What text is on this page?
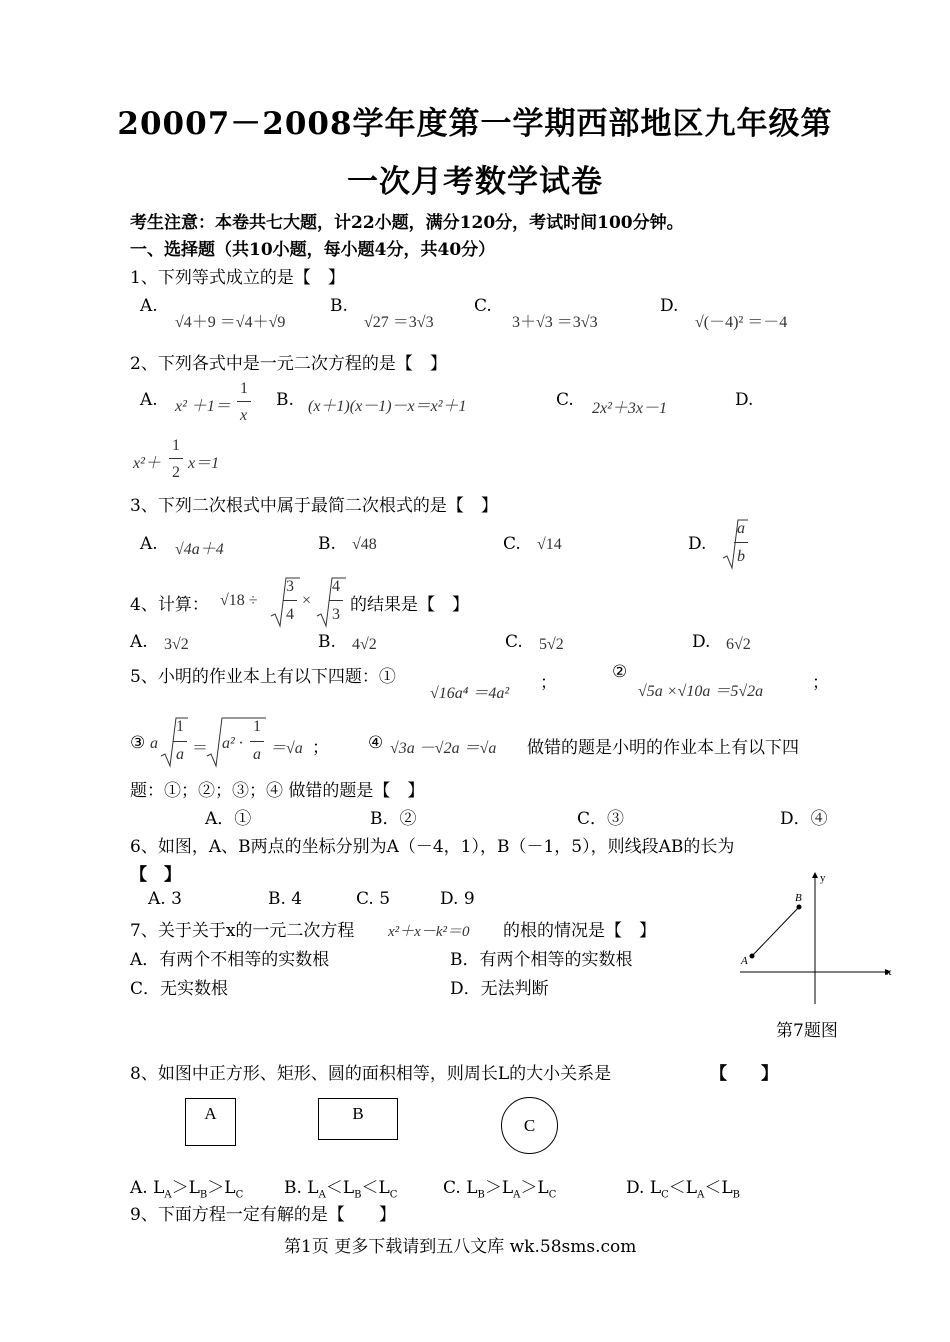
20007－2008学年度第一学期西部地区九年级第
一次月考数学试卷
考生注意：本卷共七大题，计22小题，满分120分，考试时间100分钟。
一、选择题（共10小题，每小题4分，共40分）
1、下列等式成立的是【　】
A.
√4＋9 ＝√4＋√9
B.
√27 ＝3√3
C.
3＋√3 ＝3√3
D.
√(－4)² ＝－4
2、下列各式中是一元二次方程的是【　】
A. x² ＋1＝
1
x
B. (x＋1)(x－1)－x＝x²＋1	C. 2x²＋3x－1	D.
x²＋
1
2
x＝1
3、下列二次根式中属于最简二次根式的是【　】
A. √4a＋4	B. √48	C. √14	D.
a
b
4、计算： √18 ÷
3
4
×
4
3 的结果是【　】
A. 3√2	B. 4√2	C. 5√2	D. 6√2
5、小明的作业本上有以下四题：①
√16a⁴ ＝4a²
；
②
√5a ×√10a ＝5√2a	；
③ a
1
a ＝ a² ·
1
a ＝√a ； ④ √3a －√2a ＝√a 做错的题是小明的作业本上有以下四
题：①；②；③；④ 做错的题是【　】
A．①	B．②	C．③	D．④
6、如图，A、B两点的坐标分别为A（－4，1），B（－1，5），则线段AB的长为
【　】
A. 3	B. 4	C. 5	D. 9
7、关于关于x的一元二次方程 x²＋x－k²＝0 的根的情况是【　】
A．有两个不相等的实数根	B．有两个相等的实数根
C．无实数根	D．无法判断
A
B
x
y
第7题图
8、如图中正方形、矩形、圆的面积相等，则周长L的大小关系是	【　　】
A	B
C
A. $L_A>L_B>L_C$ B. $L_A<L_B<L_C$	C. $L_B>L_A>L_C$	D. $L_C<L_A<L_B$
9、下面方程一定有解的是【　　】
第1页 更多下载请到五八文库 wk.58sms.com
